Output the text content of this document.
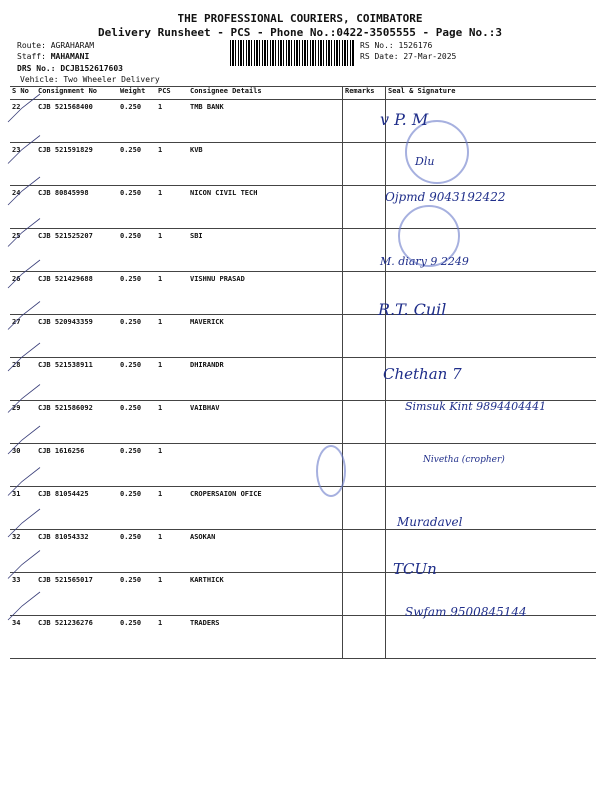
THE PROFESSIONAL COURIERS, COIMBATORE
Delivery Runsheet - PCS - Phone No.:0422-3505555 - Page No.:3
Route: AGRAHARAM
Staff: MAHAMANI
DRS No.: DCJB152617603
Vehicle: Two Wheeler Delivery
RS No.: 1526176
RS Date: 27-Mar-2025
S No	Consignment No	Weight	PCS	Consignee Details	Remarks	Seal & Signature
22	CJB 521568400	0.250	1	TMB BANK		
23	CJB 521591829	0.250	1	KVB		
24	CJB 80845998	0.250	1	NICON CIVIL TECH		
25	CJB 521525207	0.250	1	SBI		
26	CJB 521429688	0.250	1	VISHNU PRASAD		
27	CJB 520943359	0.250	1	MAVERICK		
28	CJB 521538911	0.250	1	DHIRANDR		
29	CJB 521586092	0.250	1	VAIBHAV		
30	CJB 1616256	0.250	1			
31	CJB 81054425	0.250	1	CROPERSAION OFICE		
32	CJB 81054332	0.250	1	ASOKAN		
33	CJB 521565017	0.250	1	KARTHICK		
34	CJB 521236276	0.250	1	TRADERS		
v P. M
Dlu
Ojpmd 9043192422
M. diary 9 2249
R.T. Cuil
Chethan 7
Simsuk Kint 9894404441
Nivetha (cropher)
Muradavel
TCUn
Swfam 9500845144
